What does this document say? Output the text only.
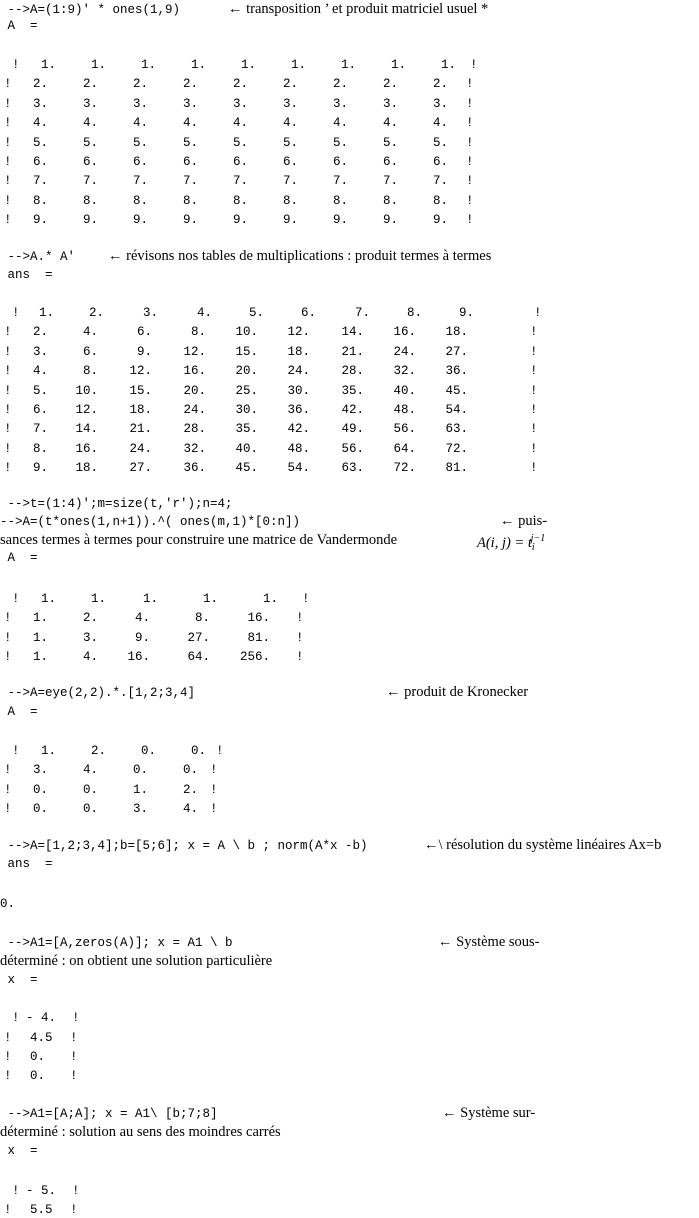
-->A=(1:9)' * ones(1,9)	← transposition ’ et produit matriciel usuel *
A  =
! 1.	1.	1.	1.	1.	1.	1.	1.	1. !
! 2.	2.	2.	2.	2.	2.	2.	2.	2. !
! 3.	3.	3.	3.	3.	3.	3.	3.	3. !
! 4.	4.	4.	4.	4.	4.	4.	4.	4. !
! 5.	5.	5.	5.	5.	5.	5.	5.	5. !
! 6.	6.	6.	6.	6.	6.	6.	6.	6. !
! 7.	7.	7.	7.	7.	7.	7.	7.	7. !
! 8.	8.	8.	8.	8.	8.	8.	8.	8. !
! 9.	9.	9.	9.	9.	9.	9.	9.	9. !
-->A.* A' ← révisons nos tables de multiplications : produit termes à termes
ans  =
! 1.	2.	3.	4.	5.	6.	7.	8.	9.	!
! 2.	4.	6.	8. 10. 12.	14. 16. 18.	!
! 3.	6.	9.	12. 15. 18.	21. 24. 27.	!
! 4.	8.	12.	16. 20. 24.	28. 32. 36.	!
! 5. 10.	15.	20. 25. 30.	35. 40. 45.	!
! 6. 12.	18.	24. 30. 36.	42. 48. 54.	!
! 7. 14.	21.	28. 35. 42.	49. 56. 63.	!
! 8. 16.	24.	32. 40. 48.	56. 64. 72.	!
! 9. 18.	27.	36. 45. 54.	63. 72. 81.	!
-->t=(1:4)';m=size(t,'r');n=4;
-->A=(t*ones(1,n+1)).^( ones(m,1)*[0:n])	← puis-
sances termes à termes pour construire une matrice de Vandermonde	A(i, $j) = t_i^{j-1}$
A  =
! 1.	1.	1.	1.	1. !
! 1.	2.	4.	8.	16. !
! 1.	3.	9.	27.	81. !
! 1.	4. 16.	64. 256. !
-->A=eye(2,2).*.[1,2;3,4]	← produit de Kronecker
A  =
! 1.	2.	0.	0. !
! 3.	4.	0.	0. !
! 0.	0.	1.	2. !
! 0.	0.	3.	4. !
-->A=[1,2;3,4];b=[5;6]; x = A \ b ; norm(A*x -b)	←\ résolution du système linéaires Ax=b
ans  =
0.
-->A1=[A,zeros(A)]; x = A1 \ b	← Système sous-
déterminé : on obtient une solution particulière
x  =
! - 4. !
! 4.5 !
! 0. !
! 0. !
-->A1=[A;A]; x = A1\ [b;7;8]	← Système sur-
déterminé : solution au sens des moindres carrés
x  =
! - 5. !
! 5.5 !
